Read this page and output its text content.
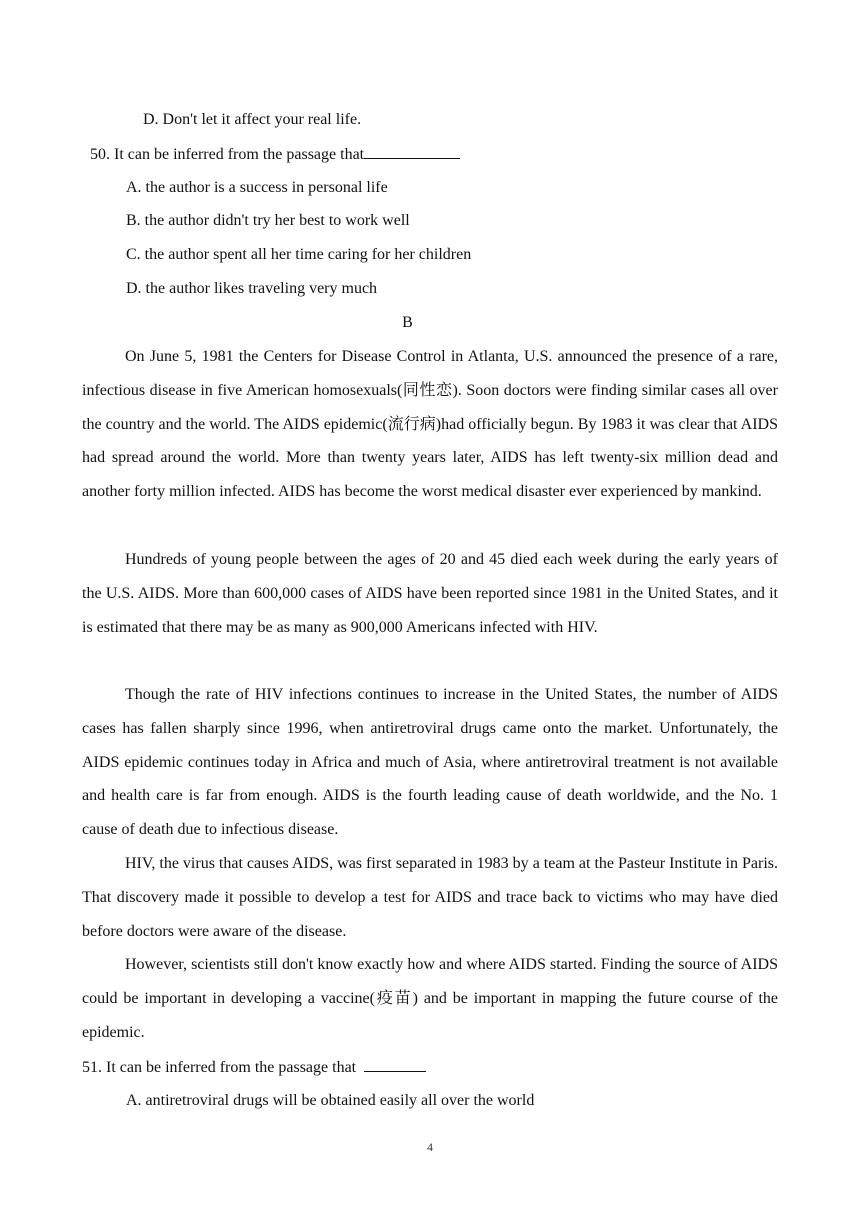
D. Don't let it affect your real life.
50. It can be inferred from the passage that
A. the author is a success in personal life
B. the author didn't try her best to work well
C. the author spent all her time caring for her children
D. the author likes traveling very much
B

On June 5, 1981 the Centers for Disease Control in Atlanta, U.S. announced the presence of a rare, infectious disease in five American homosexuals(同性恋). Soon doctors were finding similar cases all over the country and the world. The AIDS epidemic(流行病)had officially begun. By 1983 it was clear that AIDS had spread around the world. More than twenty years later, AIDS has left twenty-six million dead and another forty million infected. AIDS has become the worst medical disaster ever experienced by mankind.

Hundreds of young people between the ages of 20 and 45 died each week during the early years of the U.S. AIDS. More than 600,000 cases of AIDS have been reported since 1981 in the United States, and it is estimated that there may be as many as 900,000 Americans infected with HIV.

Though the rate of HIV infections continues to increase in the United States, the number of AIDS cases has fallen sharply since 1996, when antiretroviral drugs came onto the market. Unfortunately, the AIDS epidemic continues today in Africa and much of Asia, where antiretroviral treatment is not available and health care is far from enough. AIDS is the fourth leading cause of death worldwide, and the No. 1 cause of death due to infectious disease.

HIV, the virus that causes AIDS, was first separated in 1983 by a team at the Pasteur Institute in Paris. That discovery made it possible to develop a test for AIDS and trace back to victims who may have died before doctors were aware of the disease.

However, scientists still don't know exactly how and where AIDS started. Finding the source of AIDS could be important in developing a vaccine(疫苗) and be important in mapping the future course of the epidemic.

51. It can be inferred from the passage that
A. antiretroviral drugs will be obtained easily all over the world
4
